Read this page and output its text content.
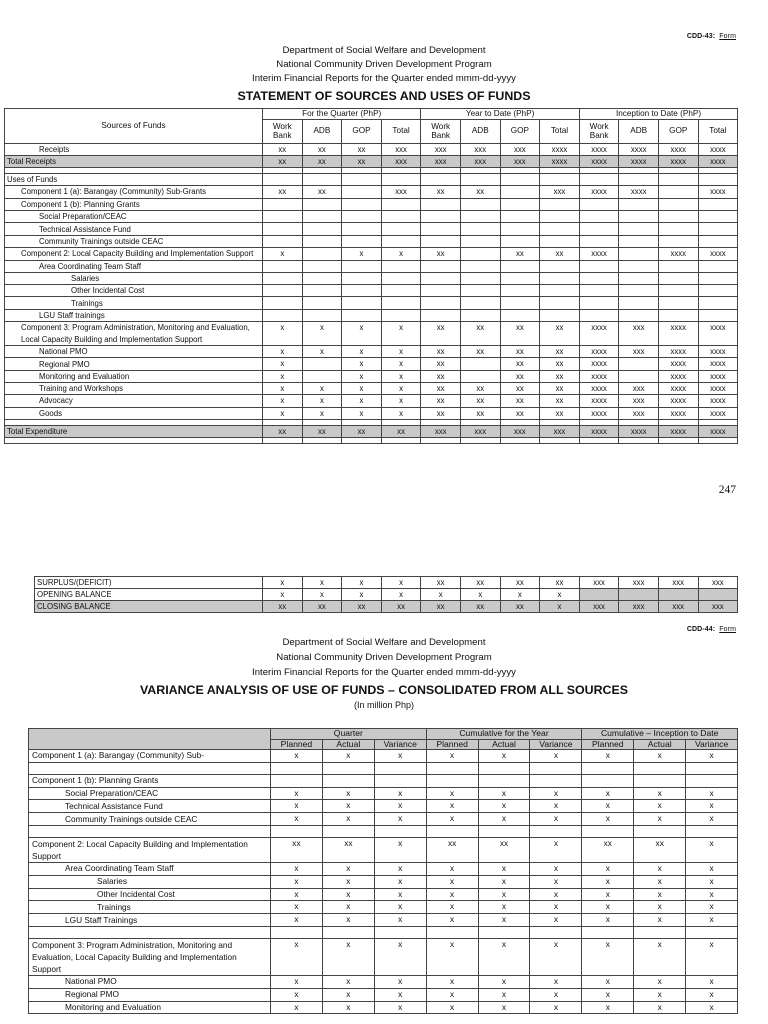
CDD-43: Form
Department of Social Welfare and Development
National Community Driven Development Program
Interim Financial Reports for the Quarter ended mmm-dd-yyyy
STATEMENT OF SOURCES AND USES OF FUNDS
Sources of Funds	For the Quarter (PhP)				Year to Date (PhP)				Inception to Date (PhP)			
	Work Bank	ADB	GOP	Total	Work Bank	ADB	GOP	Total	Work Bank	ADB	GOP	Total
Receipts	xx	xx	xx	xxx	xxx	xxx	xxx	xxxx	xxxx	xxxx	xxxx	xxxx
Total Receipts	xx	xx	xx	xxx	xxx	xxx	xxx	xxxx	xxxx	xxxx	xxxx	xxxx

Uses of Funds												
Component 1 (a): Barangay (Community) Sub-Grants	xx	xx		xxx	xx	xx		xxx	xxxx	xxxx		xxxx
Component 1 (b): Planning Grants												
Social Preparation/CEAC												
Technical Assistance Fund												
Community Trainings outside CEAC												
Component 2: Local Capacity Building and Implementation Support	x		x	x	xx		xx	xx	xxxx		xxxx	xxxx
Area Coordinating Team Staff												
Salaries												
Other Incidental Cost												
Trainings												
LGU Staff trainings												
Component 3: Program Administration, Monitoring and Evaluation, Local Capacity Building and Implementation Support	x	x	x	x	xx	xx	xx	xx	xxxx	xxx	xxxx	xxxx
National PMO	x	x	x	x	xx	xx	xx	xx	xxxx	xxx	xxxx	xxxx
Regional PMO	x		x	x	xx		xx	xx	xxxx		xxxx	xxxx
Monitoring and Evaluation	x		x	x	xx		xx	xx	xxxx		xxxx	xxxx
Training and Workshops	x	x	x	x	xx	xx	xx	xx	xxxx	xxx	xxxx	xxxx
Advocacy	x	x	x	x	xx	xx	xx	xx	xxxx	xxx	xxxx	xxxx
Goods	x	x	x	x	xx	xx	xx	xx	xxxx	xxx	xxxx	xxxx

Total Expenditure	xx	xx	xx	xx	xxx	xxx	xxx	xxx	xxxx	xxxx	xxxx	xxxx

247
SURPLUS/(DEFICIT)	x	x	x	x	xx	xx	xx	xx	xxx	xxx	xxx	xxx
OPENING BALANCE	x	x	x	x	x	x	x	x				
CLOSING BALANCE	xx	xx	xx	xx	xx	xx	xx	x	xxx	xxx	xxx	xxx
CDD-44: Form
Department of Social Welfare and Development
National Community Driven Development Program
Interim Financial Reports for the Quarter ended mmm-dd-yyyy
VARIANCE ANALYSIS OF USE OF FUNDS – CONSOLIDATED FROM ALL SOURCES
(In million Php)
	Quarter			Cumulative for the Year			Cumulative – Inception to Date		
	Planned	Actual	Variance	Planned	Actual	Variance	Planned	Actual	Variance
Component 1 (a): Barangay (Community) Sub-	x	x	x	x	x	x	x	x	x

Component 1 (b): Planning Grants									
Social Preparation/CEAC	x	x	x	x	x	x	x	x	x
Technical Assistance Fund	x	x	x	x	x	x	x	x	x
Community Trainings outside CEAC	x	x	x	x	x	x	x	x	x

Component 2: Local Capacity Building and Implementation Support	xx	xx	x	xx	xx	x	xx	xx	x
Area Coordinating Team Staff	x	x	x	x	x	x	x	x	x
Salaries	x	x	x	x	x	x	x	x	x
Other Incidental Cost	x	x	x	x	x	x	x	x	x
Trainings	x	x	x	x	x	x	x	x	x
LGU Staff Trainings	x	x	x	x	x	x	x	x	x

Component 3: Program Administration, Monitoring and Evaluation, Local Capacity Building and Implementation Support	x	x	x	x	x	x	x	x	x
National PMO	x	x	x	x	x	x	x	x	x
Regional PMO	x	x	x	x	x	x	x	x	x
Monitoring and Evaluation	x	x	x	x	x	x	x	x	x
